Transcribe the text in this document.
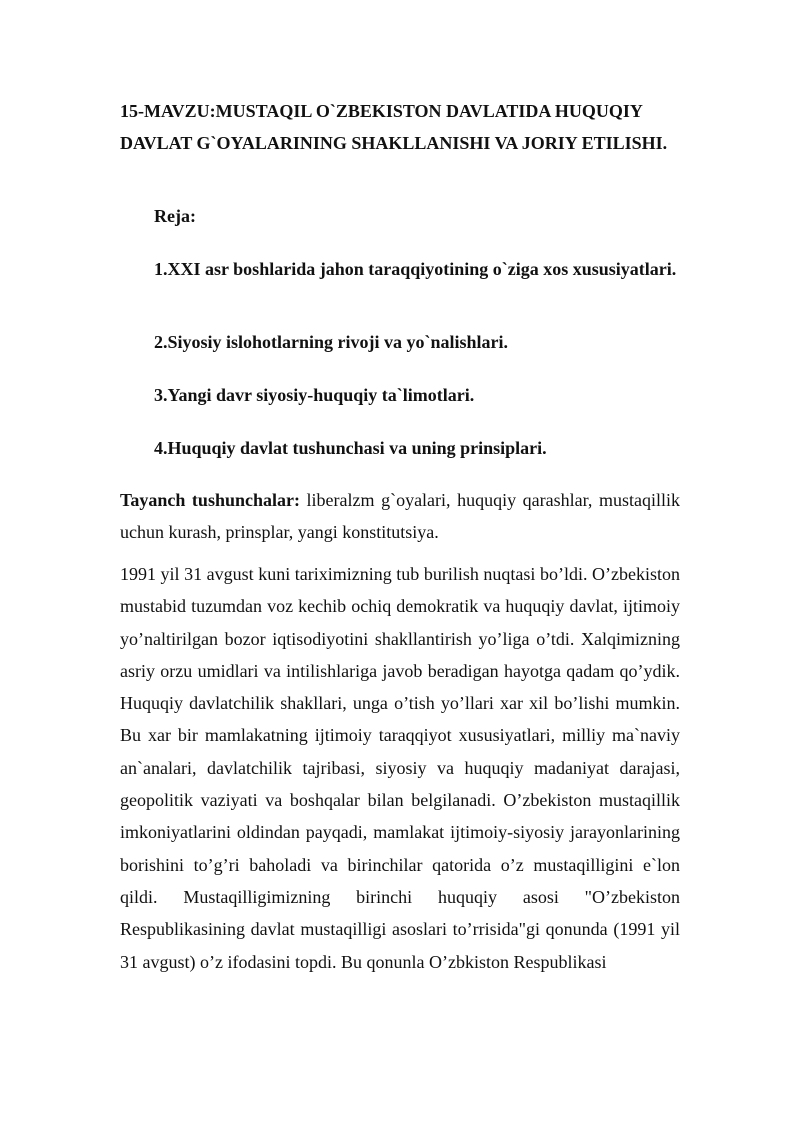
15-MAVZU:MUSTAQIL O`ZBEKISTON DAVLATIDA HUQUQIY DAVLAT G`OYALARINING SHAKLLANISHI VA JORIY ETILISHI.

Reja:

1.XXI asr boshlarida jahon taraqqiyotining o`ziga xos xususiyatlari.

2.Siyosiy islohotlarning rivoji va yo`nalishlari.

3.Yangi davr siyosiy-huquqiy ta`limotlari.

4.Huquqiy davlat tushunchasi va uning prinsiplari.

Tayanch tushunchalar: liberalzm g`oyalari, huquqiy qarashlar, mustaqillik uchun kurash, prinsplar, yangi konstitutsiya.

1991 yil 31 avgust kuni tariximizning tub burilish nuqtasi bo’ldi. O’zbekiston mustabid tuzumdan voz kechib ochiq demokratik va huquqiy davlat, ijtimoiy yo’naltirilgan bozor iqtisodiyotini shakllantirish yo’liga o’tdi. Xalqimizning asriy orzu umidlari va intilishlariga javob beradigan hayotga qadam qo’ydik. Huquqiy davlatchilik shakllari, unga o’tish yo’llari xar xil bo’lishi mumkin. Bu xar bir mamlakatning ijtimoiy taraqqiyot xususiyatlari, milliy ma`naviy an`analari, davlatchilik tajribasi, siyosiy va huquqiy madaniyat darajasi, geopolitik vaziyati va boshqalar bilan belgilanadi. O’zbekiston mustaqillik imkoniyatlarini oldindan payqadi, mamlakat ijtimoiy-siyosiy jarayonlarining borishini to’g’ri baholadi va birinchilar qatorida o’z mustaqilligini e`lon qildi. Mustaqilligimizning birinchi huquqiy asosi "O’zbekiston Respublikasining davlat mustaqilligi asoslari to’rrisida"gi qonunda (1991 yil 31 avgust) o’z ifodasini topdi. Bu qonunla O’zbkiston Respublikasi
